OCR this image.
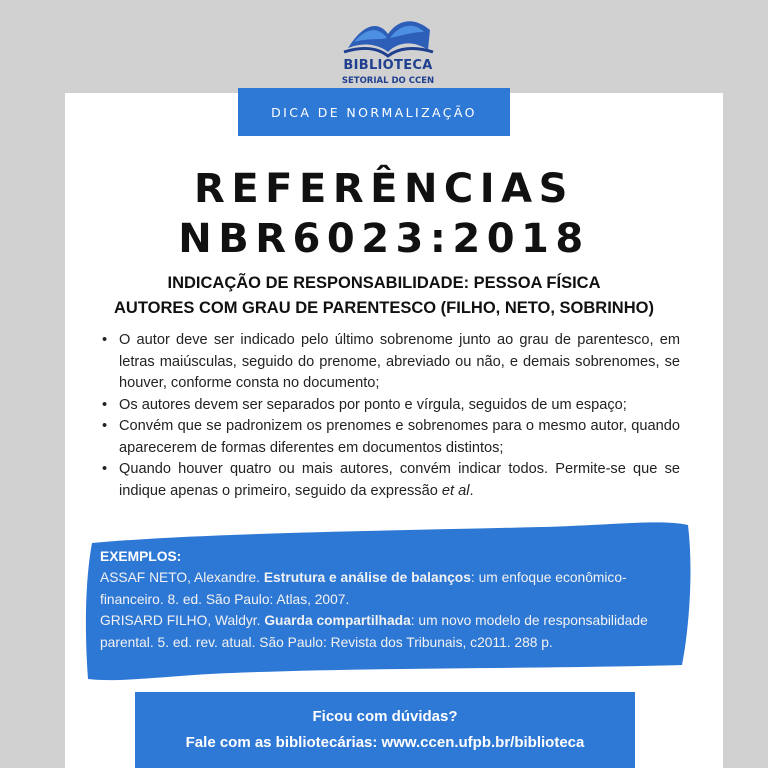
BIBLIOTECA
SETORIAL DO CCEN
DICA DE NORMALIZAÇÃO
REFERÊNCIAS
NBR6023:2018
INDICAÇÃO DE RESPONSABILIDADE: PESSOA FÍSICA
AUTORES COM GRAU DE PARENTESCO (FILHO, NETO, SOBRINHO)
• O autor deve ser indicado pelo último sobrenome junto ao grau de parentesco, em letras maiúsculas, seguido do prenome, abreviado ou não, e demais sobrenomes, se houver, conforme consta no documento;
• Os autores devem ser separados por ponto e vírgula, seguidos de um espaço;
• Convém que se padronizem os prenomes e sobrenomes para o mesmo autor, quando aparecerem de formas diferentes em documentos distintos;
• Quando houver quatro ou mais autores, convém indicar todos. Permite-se que se indique apenas o primeiro, seguido da expressão et al.
EXEMPLOS:
ASSAF NETO, Alexandre. Estrutura e análise de balanços: um enfoque econômico-financeiro. 8. ed. São Paulo: Atlas, 2007.
GRISARD FILHO, Waldyr. Guarda compartilhada: um novo modelo de responsabilidade parental. 5. ed. rev. atual. São Paulo: Revista dos Tribunais, c2011. 288 p.
Ficou com dúvidas?
Fale com as bibliotecárias: www.ccen.ufpb.br/biblioteca
